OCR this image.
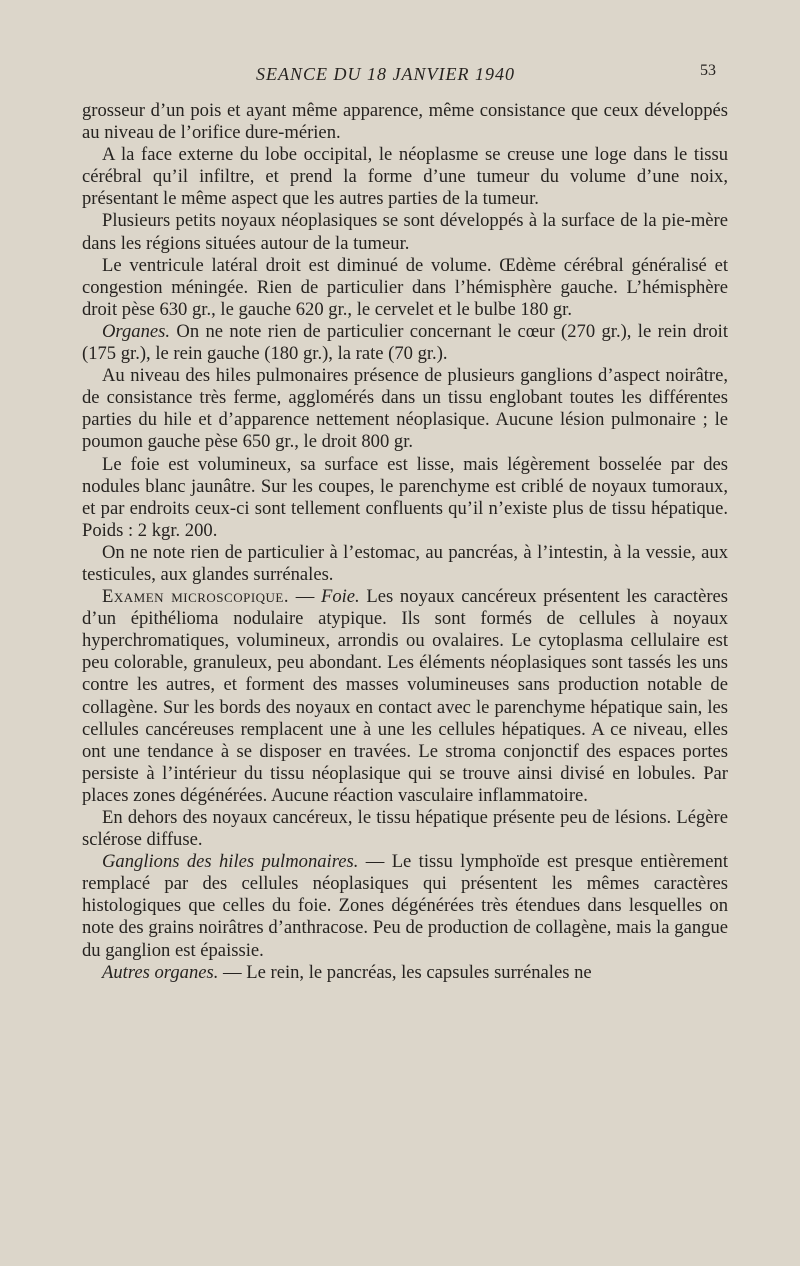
SEANCE DU 18 JANVIER 1940	53

grosseur d’un pois et ayant même apparence, même consistance que ceux développés au niveau de l’orifice dure-mérien.

A la face externe du lobe occipital, le néoplasme se creuse une loge dans le tissu cérébral qu’il infiltre, et prend la forme d’une tumeur du volume d’une noix, présentant le même aspect que les autres parties de la tumeur.

Plusieurs petits noyaux néoplasiques se sont développés à la surface de la pie-mère dans les régions situées autour de la tumeur.

Le ventricule latéral droit est diminué de volume. Œdème cérébral généralisé et congestion méningée. Rien de particulier dans l’hémisphère gauche. L’hémisphère droit pèse 630 gr., le gauche 620 gr., le cervelet et le bulbe 180 gr.

Organes. On ne note rien de particulier concernant le cœur (270 gr.), le rein droit (175 gr.), le rein gauche (180 gr.), la rate (70 gr.).

Au niveau des hiles pulmonaires présence de plusieurs ganglions d’aspect noirâtre, de consistance très ferme, agglomérés dans un tissu englobant toutes les différentes parties du hile et d’apparence nettement néoplasique. Aucune lésion pulmonaire ; le poumon gauche pèse 650 gr., le droit 800 gr.

Le foie est volumineux, sa surface est lisse, mais légèrement bosselée par des nodules blanc jaunâtre. Sur les coupes, le parenchyme est criblé de noyaux tumoraux, et par endroits ceux-ci sont tellement confluents qu’il n’existe plus de tissu hépatique. Poids : 2 kgr. 200.

On ne note rien de particulier à l’estomac, au pancréas, à l’intestin, à la vessie, aux testicules, aux glandes surrénales.

Examen microscopique. — Foie. Les noyaux cancéreux présentent les caractères d’un épithélioma nodulaire atypique. Ils sont formés de cellules à noyaux hyperchromatiques, volumineux, arrondis ou ovalaires. Le cytoplasma cellulaire est peu colorable, granuleux, peu abondant. Les éléments néoplasiques sont tassés les uns contre les autres, et forment des masses volumineuses sans production notable de collagène. Sur les bords des noyaux en contact avec le parenchyme hépatique sain, les cellules cancéreuses remplacent une à une les cellules hépatiques. A ce niveau, elles ont une tendance à se disposer en travées. Le stroma conjonctif des espaces portes persiste à l’intérieur du tissu néoplasique qui se trouve ainsi divisé en lobules. Par places zones dégénérées. Aucune réaction vasculaire inflammatoire.

En dehors des noyaux cancéreux, le tissu hépatique présente peu de lésions. Légère sclérose diffuse.

Ganglions des hiles pulmonaires. — Le tissu lymphoïde est presque entièrement remplacé par des cellules néoplasiques qui présentent les mêmes caractères histologiques que celles du foie. Zones dégénérées très étendues dans lesquelles on note des grains noirâtres d’anthracose. Peu de production de collagène, mais la gangue du ganglion est épaissie.

Autres organes. — Le rein, le pancréas, les capsules surrénales ne
